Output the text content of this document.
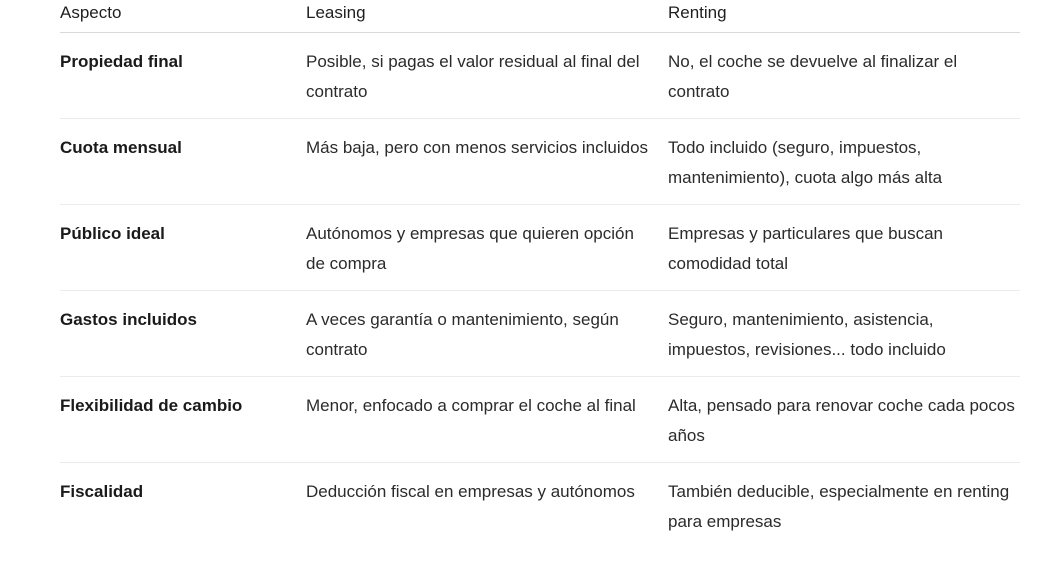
Aspecto	Leasing	Renting
Propiedad final	Posible, si pagas el valor residual al final del contrato	No, el coche se devuelve al finalizar el contrato
Cuota mensual	Más baja, pero con menos servicios incluidos	Todo incluido (seguro, impuestos, mantenimiento), cuota algo más alta
Público ideal	Autónomos y empresas que quieren opción de compra	Empresas y particulares que buscan comodidad total
Gastos incluidos	A veces garantía o mantenimiento, según contrato	Seguro, mantenimiento, asistencia, impuestos, revisiones... todo incluido
Flexibilidad de cambio	Menor, enfocado a comprar el coche al final	Alta, pensado para renovar coche cada pocos años
Fiscalidad	Deducción fiscal en empresas y autónomos	También deducible, especialmente en renting para empresas
